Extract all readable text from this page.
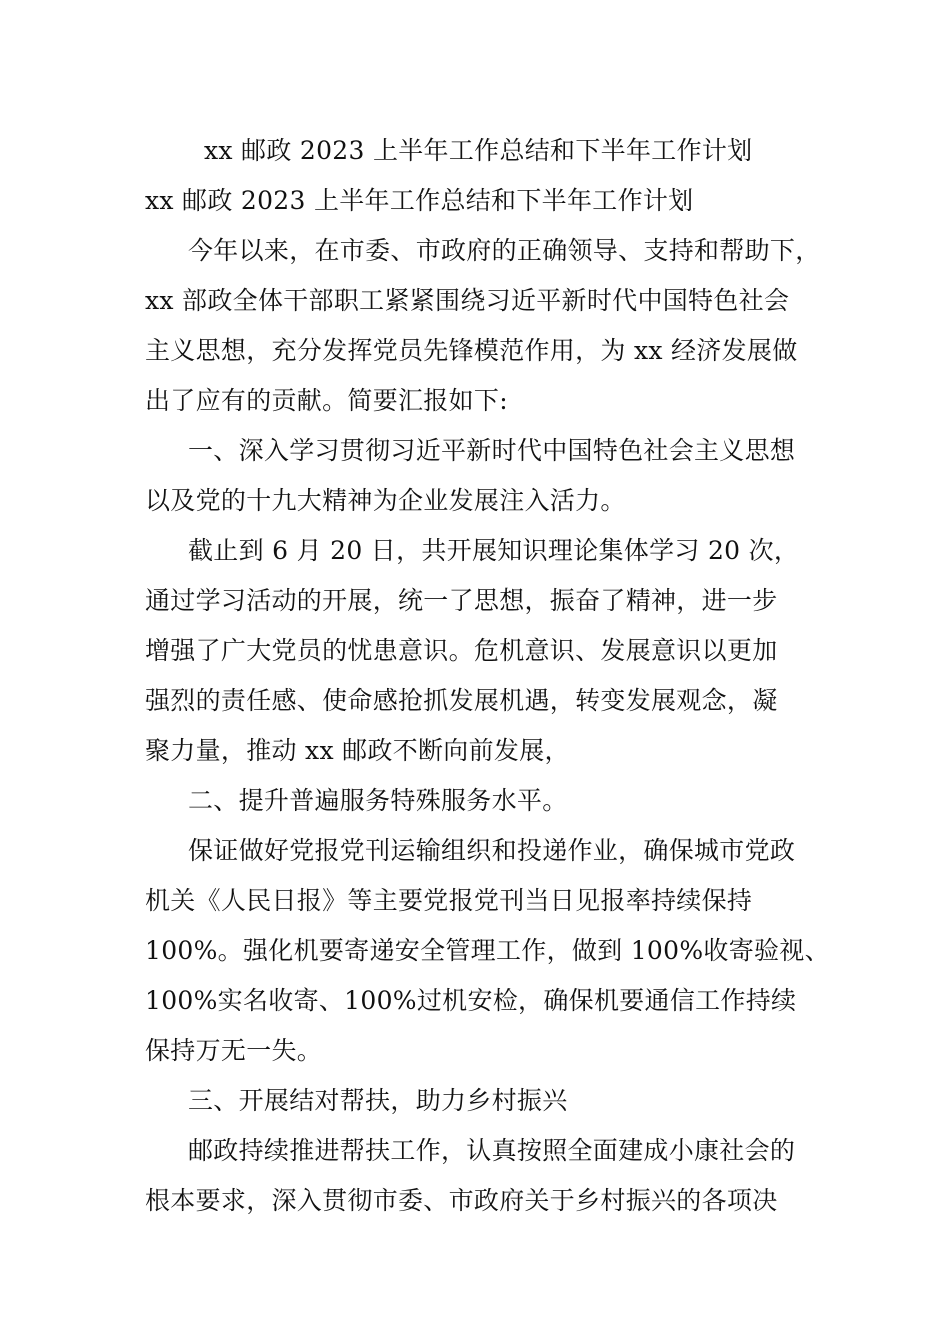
xx 邮政 2023 上半年工作总结和下半年工作计划
xx 邮政 2023 上半年工作总结和下半年工作计划
今年以来，在市委、市政府的正确领导、支持和帮助下，
xx 部政全体干部职工紧紧围绕习近平新时代中国特色社会
主义思想，充分发挥党员先锋模范作用，为 xx 经济发展做
出了应有的贡献。简要汇报如下:
一、深入学习贯彻习近平新时代中国特色社会主义思想
以及党的十九大精神为企业发展注入活力。
截止到 6 月 20 日，共开展知识理论集体学习 20 次，
通过学习活动的开展，统一了思想，振奋了精神，进一步
增强了广大党员的忧患意识。危机意识、发展意识以更加
强烈的责任感、使命感抢抓发展机遇，转变发展观念，凝
聚力量，推动 xx 邮政不断向前发展，
二、提升普遍服务特殊服务水平。
保证做好党报党刊运输组织和投递作业，确保城市党政
机关《人民日报》等主要党报党刊当日见报率持续保持
100%。强化机要寄递安全管理工作，做到 100%收寄验视、
100%实名收寄、100%过机安检，确保机要通信工作持续
保持万无一失。
三、开展结对帮扶，助力乡村振兴
邮政持续推进帮扶工作，认真按照全面建成小康社会的
根本要求，深入贯彻市委、市政府关于乡村振兴的各项决
